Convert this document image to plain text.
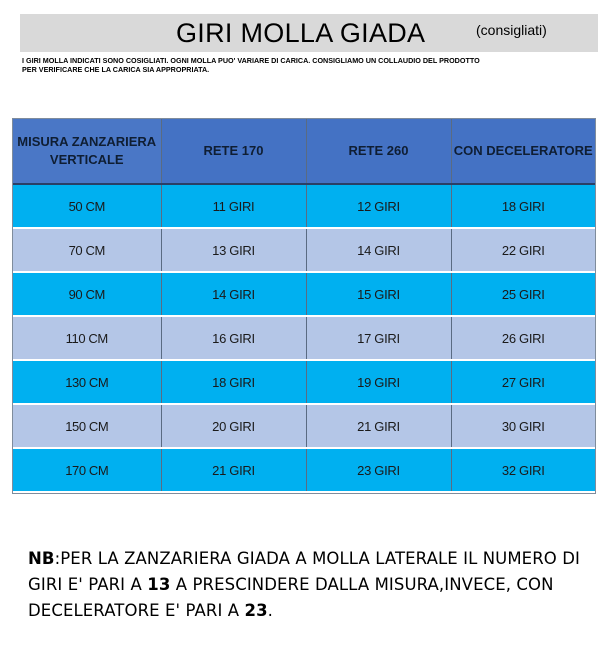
GIRI MOLLA GIADA	(consigliati)
I GIRI MOLLA INDICATI SONO COSIGLIATI. OGNI MOLLA PUO' VARIARE DI CARICA. CONSIGLIAMO UN COLLAUDIO DEL PRODOTTO
PER VERIFICARE CHE LA CARICA SIA APPROPRIATA.
MISURA ZANZARIERA VERTICALE	RETE 170	RETE 260	CON DECELERATORE
50 CM	11 GIRI	12 GIRI	18 GIRI
70 CM	13 GIRI	14 GIRI	22 GIRI
90 CM	14 GIRI	15 GIRI	25 GIRI
110 CM	16 GIRI	17 GIRI	26 GIRI
130 CM	18 GIRI	19 GIRI	27 GIRI
150 CM	20 GIRI	21 GIRI	30 GIRI
170 CM	21 GIRI	23 GIRI	32 GIRI
NB:PER LA ZANZARIERA GIADA A MOLLA LATERALE IL NUMERO DI GIRI E' PARI A 13 A PRESCINDERE DALLA MISURA,INVECE, CON DECELERATORE E' PARI A 23.
